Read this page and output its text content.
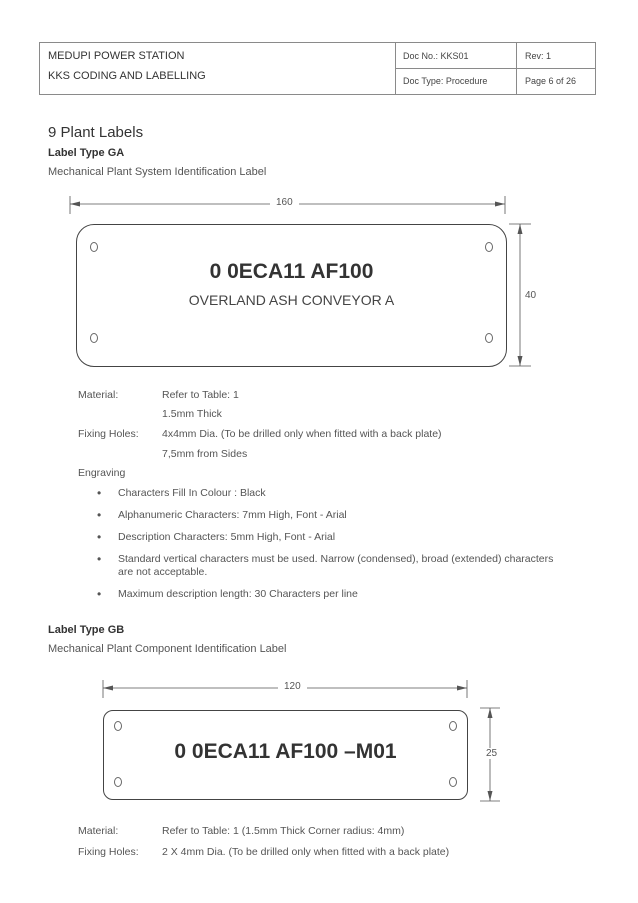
MEDUPI POWER STATION
KKS CODING AND LABELLING
Doc No.: KKS01	Rev: 1
Doc Type: Procedure	Page 6 of 26
9 Plant Labels
Label Type GA
Mechanical Plant System Identification Label
160
0 0ECA11 AF100
OVERLAND ASH CONVEYOR A	40
Material:	Refer to Table: 1
1.5mm Thick
Fixing Holes: 4x4mm Dia. (To be drilled only when fitted with a back plate)
7,5mm from Sides
Engraving
• Characters Fill In Colour : Black
• Alphanumeric Characters: 7mm High, Font - Arial
• Description Characters: 5mm High, Font - Arial
• Standard vertical characters must be used. Narrow (condensed), broad (extended) characters are not acceptable.
• Maximum description length: 30 Characters per line
Label Type GB
Mechanical Plant Component Identification Label
120
0 0ECA11 AF100 –M01	25
Material:	Refer to Table: 1 (1.5mm Thick Corner radius: 4mm)
Fixing Holes: 2 X 4mm Dia. (To be drilled only when fitted with a back plate)
